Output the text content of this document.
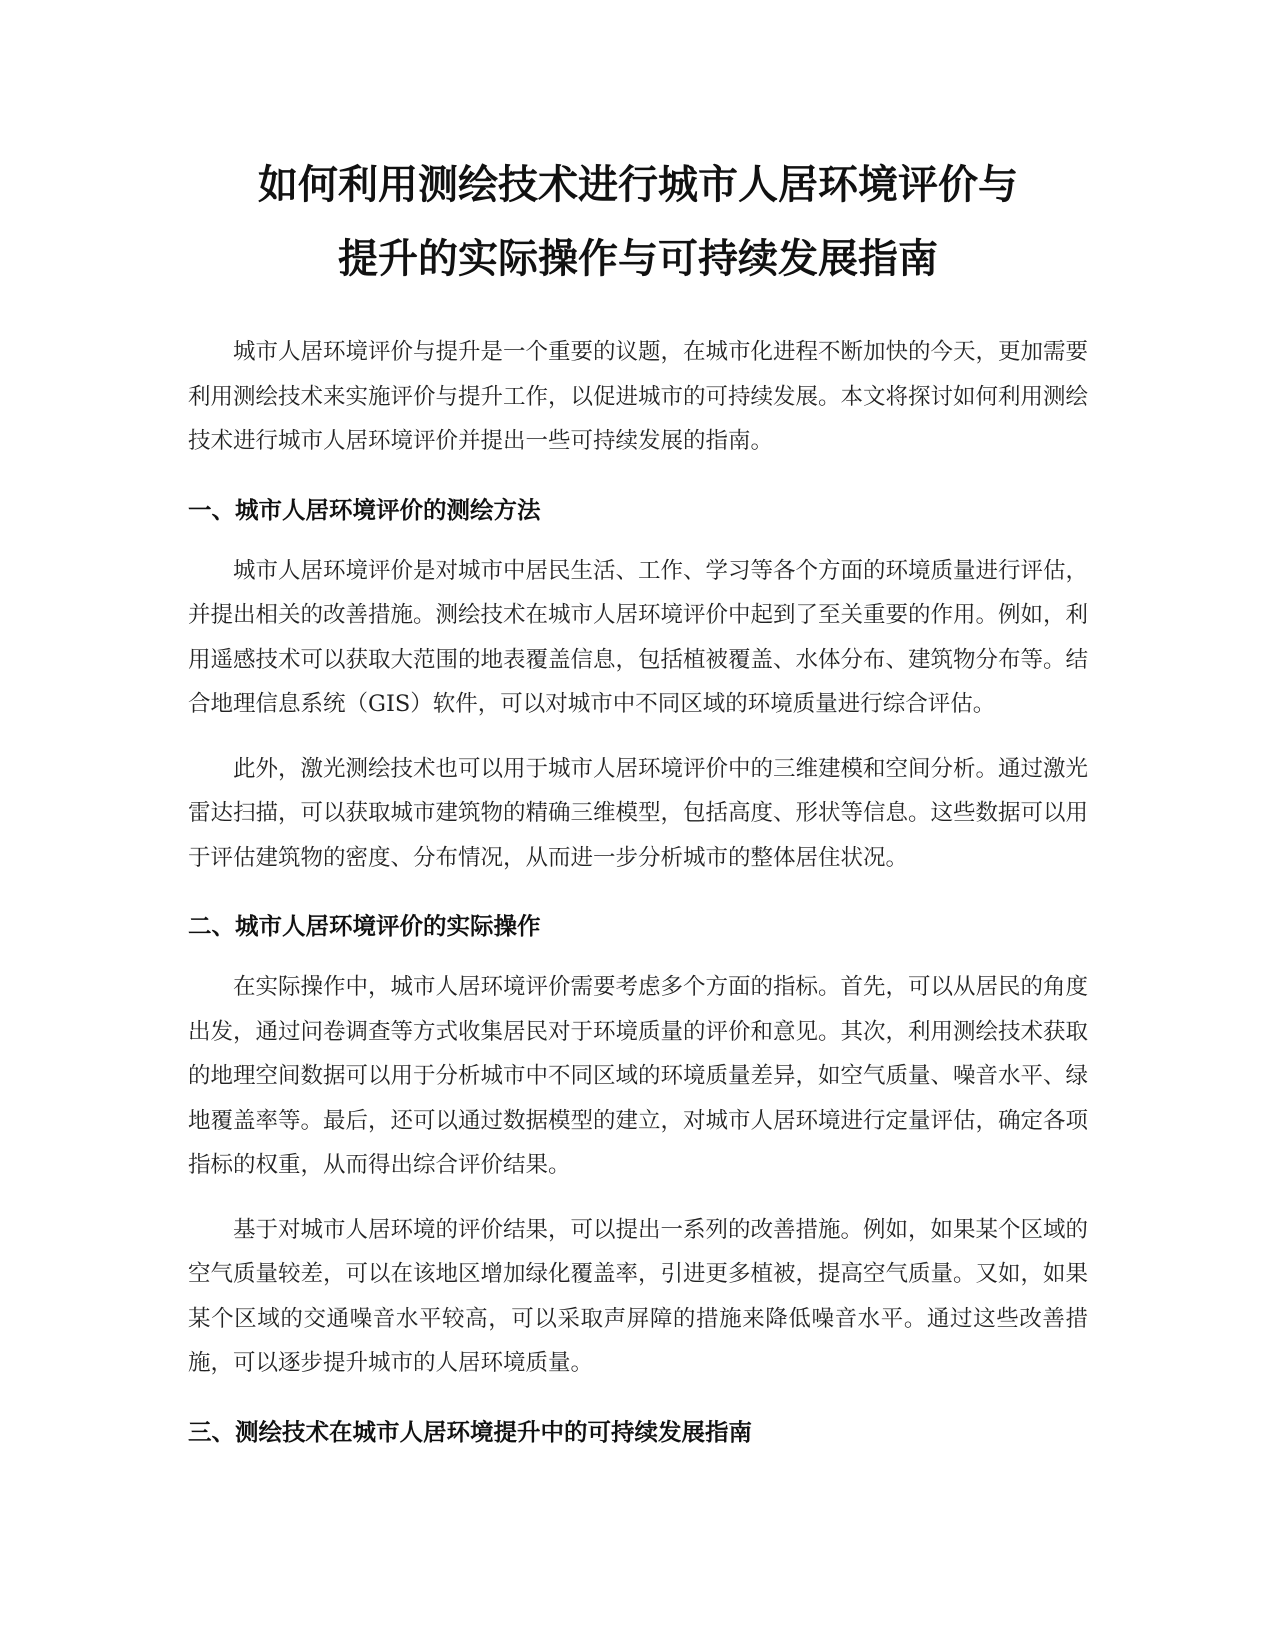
如何利用测绘技术进行城市人居环境评价与
提升的实际操作与可持续发展指南

城市人居环境评价与提升是一个重要的议题，在城市化进程不断加快的今天，更加需要利用测绘技术来实施评价与提升工作，以促进城市的可持续发展。本文将探讨如何利用测绘技术进行城市人居环境评价并提出一些可持续发展的指南。

一、城市人居环境评价的测绘方法

城市人居环境评价是对城市中居民生活、工作、学习等各个方面的环境质量进行评估，并提出相关的改善措施。测绘技术在城市人居环境评价中起到了至关重要的作用。例如，利用遥感技术可以获取大范围的地表覆盖信息，包括植被覆盖、水体分布、建筑物分布等。结合地理信息系统（GIS）软件，可以对城市中不同区域的环境质量进行综合评估。

此外，激光测绘技术也可以用于城市人居环境评价中的三维建模和空间分析。通过激光雷达扫描，可以获取城市建筑物的精确三维模型，包括高度、形状等信息。这些数据可以用于评估建筑物的密度、分布情况，从而进一步分析城市的整体居住状况。

二、城市人居环境评价的实际操作

在实际操作中，城市人居环境评价需要考虑多个方面的指标。首先，可以从居民的角度出发，通过问卷调查等方式收集居民对于环境质量的评价和意见。其次，利用测绘技术获取的地理空间数据可以用于分析城市中不同区域的环境质量差异，如空气质量、噪音水平、绿地覆盖率等。最后，还可以通过数据模型的建立，对城市人居环境进行定量评估，确定各项指标的权重，从而得出综合评价结果。

基于对城市人居环境的评价结果，可以提出一系列的改善措施。例如，如果某个区域的空气质量较差，可以在该地区增加绿化覆盖率，引进更多植被，提高空气质量。又如，如果某个区域的交通噪音水平较高，可以采取声屏障的措施来降低噪音水平。通过这些改善措施，可以逐步提升城市的人居环境质量。

三、测绘技术在城市人居环境提升中的可持续发展指南
